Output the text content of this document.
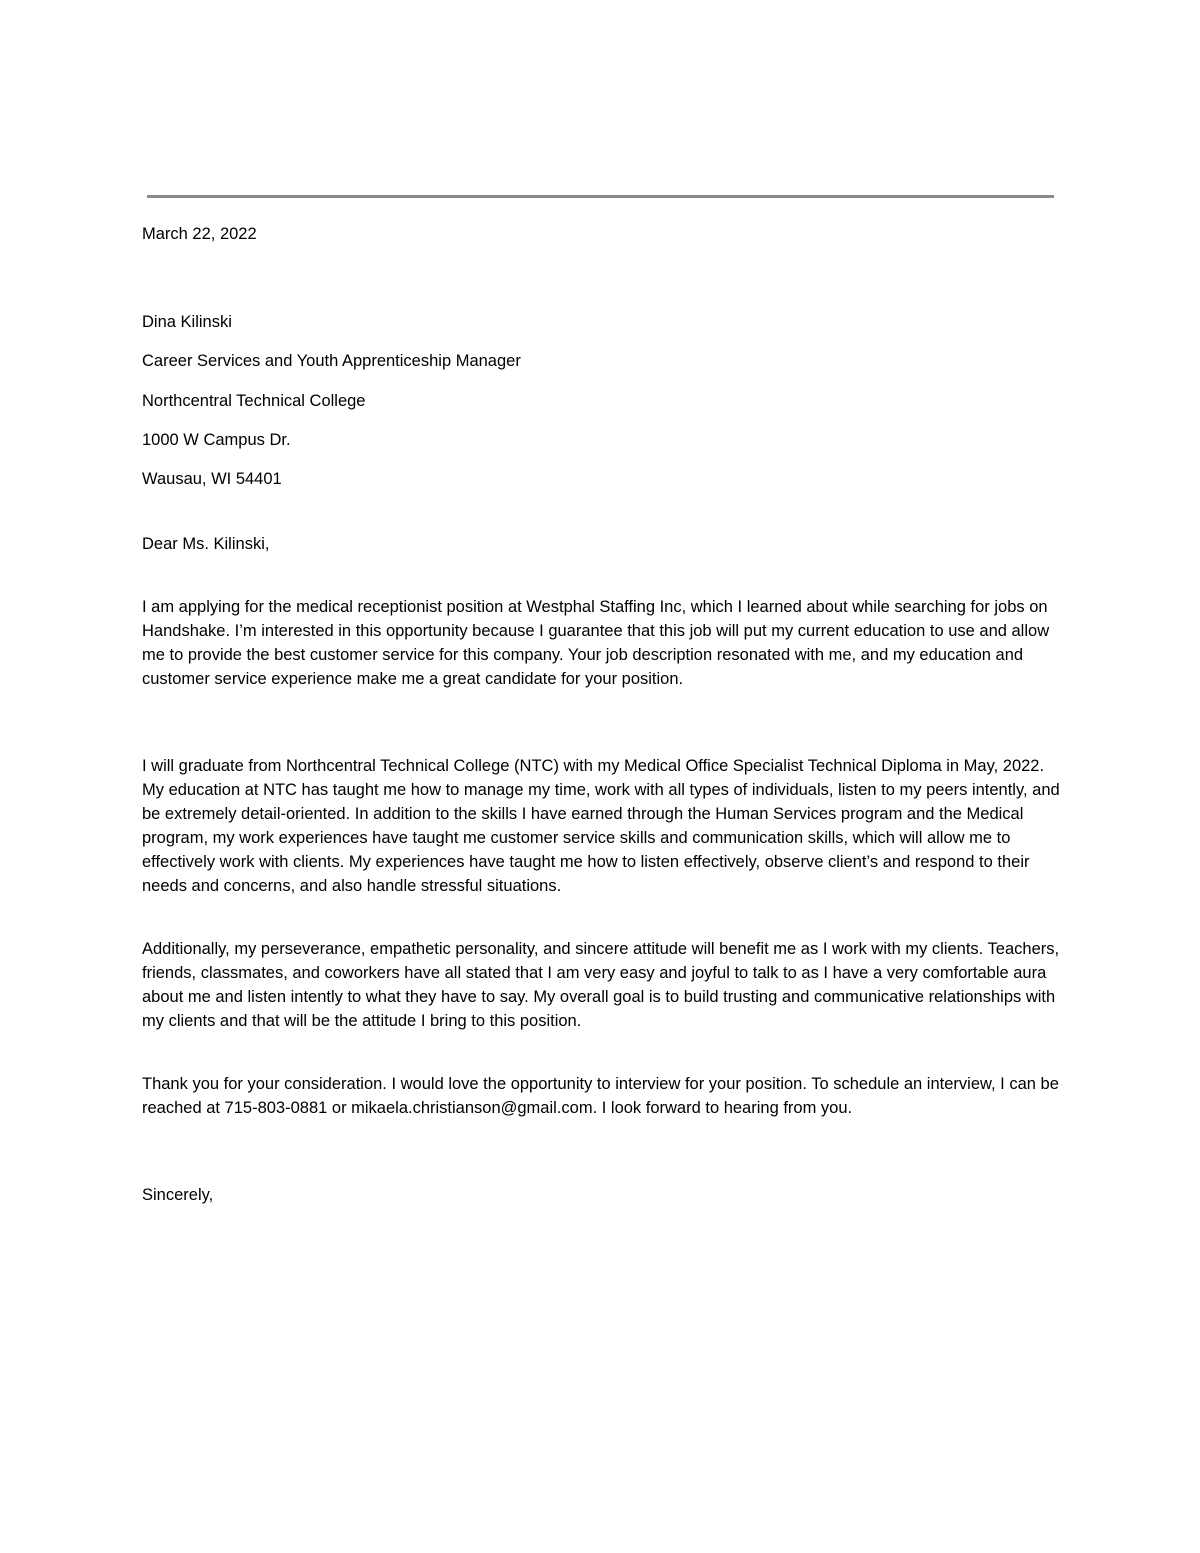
March 22, 2022

Dina Kilinski

Career Services and Youth Apprenticeship Manager

Northcentral Technical College

1000 W Campus Dr.

Wausau, WI 54401

Dear Ms. Kilinski,

I am applying for the medical receptionist position at Westphal Staffing Inc, which I learned about while searching for jobs on Handshake. I’m interested in this opportunity because I guarantee that this job will put my current education to use and allow me to provide the best customer service for this company. Your job description resonated with me, and my education and customer service experience make me a great candidate for your position.

I will graduate from Northcentral Technical College (NTC) with my Medical Office Specialist Technical Diploma in May, 2022. My education at NTC has taught me how to manage my time, work with all types of individuals, listen to my peers intently, and be extremely detail-oriented. In addition to the skills I have earned through the Human Services program and the Medical program, my work experiences have taught me customer service skills and communication skills, which will allow me to effectively work with clients. My experiences have taught me how to listen effectively, observe client’s and respond to their needs and concerns, and also handle stressful situations.

Additionally, my perseverance, empathetic personality, and sincere attitude will benefit me as I work with my clients. Teachers, friends, classmates, and coworkers have all stated that I am very easy and joyful to talk to as I have a very comfortable aura about me and listen intently to what they have to say. My overall goal is to build trusting and communicative relationships with my clients and that will be the attitude I bring to this position.

Thank you for your consideration. I would love the opportunity to interview for your position. To schedule an interview, I can be reached at 715-803-0881 or mikaela.christianson@gmail.com. I look forward to hearing from you.

Sincerely,
